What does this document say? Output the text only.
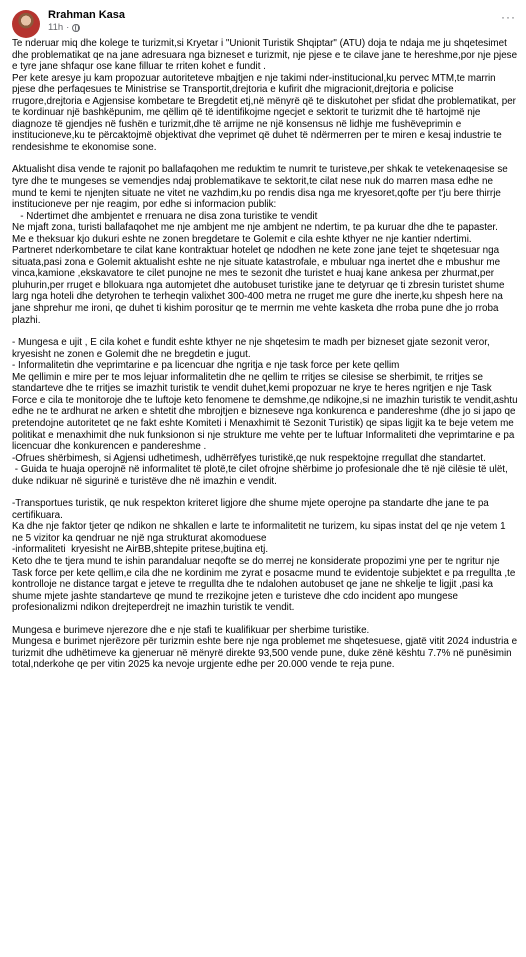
Rrahman Kasa
11h ·
···

Te nderuar miq dhe kolege te turizmit,si Kryetar i "Unionit Turistik Shqiptar" (ATU) doja te ndaja me ju shqetesimet dhe problematikat qe na jane adresuara nga bizneset e turizmit, nje pjese e te cilave jane te hereshme,por nje pjese e tyre jane shfaqur ose kane filluar te rriten kohet e fundit .

Per kete aresye ju kam propozuar autoriteteve mbajtjen e nje takimi nder-institucional,ku pervec MTM,te marrin pjese dhe perfaqesues te Ministrise se Transportit,drejtoria e kufirit dhe migracionit,drejtoria e policise rrugore,drejtoria e Agjensise kombetare te Bregdetit etj,në mënyrë që te diskutohet per sfidat dhe problematikat, per te kordinuar një bashkëpunim, me qëllim që të identifikojme ngecjet e sektorit te turizmit dhe të hartojmë nje diagnoze të gjendjes në fushën e turizmit,dhe të arrijme ne një konsensus në lidhje me fushëveprimin e institucioneve,ku te përcaktojmë objektivat dhe veprimet që duhet të ndërmerren per te miren e kesaj industrie te rendesishme te ekonomise sone.

Aktualisht disa vende te rajonit po ballafaqohen me reduktim te numrit te turisteve,per shkak te vetekenaqesise se tyre dhe te mungeses se vemendjes ndaj problematikave te sektorit,te cilat nese nuk do marren masa edhe ne mund te kemi te njenjten situate ne vitet ne vazhdim,ku po rendis disa nga me kryesoret,qofte per t'ju bere thirrje institucioneve per nje reagim, por edhe si informacion publik:

- Ndertimet dhe ambjentet e rrenuara ne disa zona turistike te vendit

Ne mjaft zona, turisti ballafaqohet me nje ambjent me nje ambjent ne ndertim, te pa kuruar dhe dhe te papaster.

Me e theksuar kjo dukuri eshte ne zonen bregdetare te Golemit e cila eshte kthyer ne nje kantier ndertimi.

Partneret nderkombetare te cilat kane kontraktuar hotelet qe ndodhen ne kete zone jane tejet te shqetesuar nga situata,pasi zona e Golemit aktualisht eshte ne nje situate katastrofale, e mbuluar nga inertet dhe e mbushur me vinca,kamione ,ekskavatore te cilet punojne ne mes te sezonit dhe turistet e huaj kane ankesa per zhurmat,per pluhurin,per rruget e bllokuara nga automjetet dhe autobuset turistike jane te detyruar qe ti zbresin turistet shume larg nga hoteli dhe detyrohen te terheqin valixhet 300-400 metra ne rruget me gure dhe inerte,ku shpesh here na jane shprehur me ironi, qe duhet ti kishim porositur qe te merrnin me vehte kasketa dhe rroba pune dhe jo rroba plazhi.

- Mungesa e ujit , E cila kohet e fundit eshte kthyer ne nje shqetesim te madh per bizneset gjate sezonit veror, kryesisht ne zonen e Golemit dhe ne bregdetin e jugut.

- Informalitetin dhe veprimtarine e pa licencuar dhe ngritja e nje task force per kete qellim

Me qellimin e mire per te mos lejuar informalitetin dhe ne qellim te rritjes se cilesise se sherbimit, te rritjes se standarteve dhe te rritjes se imazhit turistik te vendit duhet,kemi propozuar ne krye te heres ngritjen e nje Task Force e cila te monitoroje dhe te luftoje keto fenomene te demshme,qe ndikojne,si ne imazhin turistik te vendit,ashtu edhe ne te ardhurat ne arken e shtetit dhe mbrojtjen e bizneseve nga konkurenca e pandereshme (dhe jo si japo qe pretendojne autoritetet qe ne fakt eshte Komiteti i Menaxhimit të Sezonit Turistik) qe sipas ligjit ka te beje vetem me politikat e menaxhimit dhe nuk funksionon si nje strukture me vehte per te luftuar Informaliteti dhe veprimtarine e pa licencuar dhe konkurencen e pandereshme .

-Ofrues shërbimesh, si Agjensi udhetimesh, udhërrëfyes turistikë,qe nuk respektojne rregullat dhe standartet.

- Guida te huaja operojnë në informalitet të plotë,te cilet ofrojne shërbime jo profesionale dhe të një cilësie të ulët, duke ndikuar në sigurinë e turistëve dhe në imazhin e vendit.

-Transportues turistik, qe nuk respekton kriteret ligjore dhe shume mjete operojne pa standarte dhe jane te pa certifikuara.

Ka dhe nje faktor tjeter qe ndikon ne shkallen e larte te informalitetit ne turizem, ku sipas instat del qe nje vetem 1 ne 5 vizitor ka qendruar ne një nga strukturat akomoduese

-informaliteti  kryesisht ne AirBB,shtepite pritese,bujtina etj.

Keto dhe te tjera mund te ishin parandaluar neqofte se do merrej ne konsiderate propozimi yne per te ngritur nje Task force per kete qellim,e cila dhe ne kordinim me zyrat e posacme mund te evidentoje subjektet e pa rregullta ,te kontrolloje ne distance targat e jeteve te rregullta dhe te ndalohen autobuset qe jane ne shkelje te ligjit ,pasi ka shume mjete jashte standarteve qe mund te rrezikojne jeten e turisteve dhe cdo incident apo mungese profesionalizmi ndikon drejteperdrejt ne imazhin turistik te vendit.

Mungesa e burimeve njerezore dhe e nje stafi te kualifikuar per sherbime turistike.

Mungesa e burimet njerëzore për turizmin eshte bere nje nga problemet me shqetesuese, gjatë vitit 2024 industria e turizmit dhe udhëtimeve ka gjeneruar në mënyrë direkte 93,500 vende pune, duke zënë kështu 7.7% në punësimin total,nderkohe qe per vitin 2025 ka nevoje urgjente edhe per 20.000 vende te reja pune.
